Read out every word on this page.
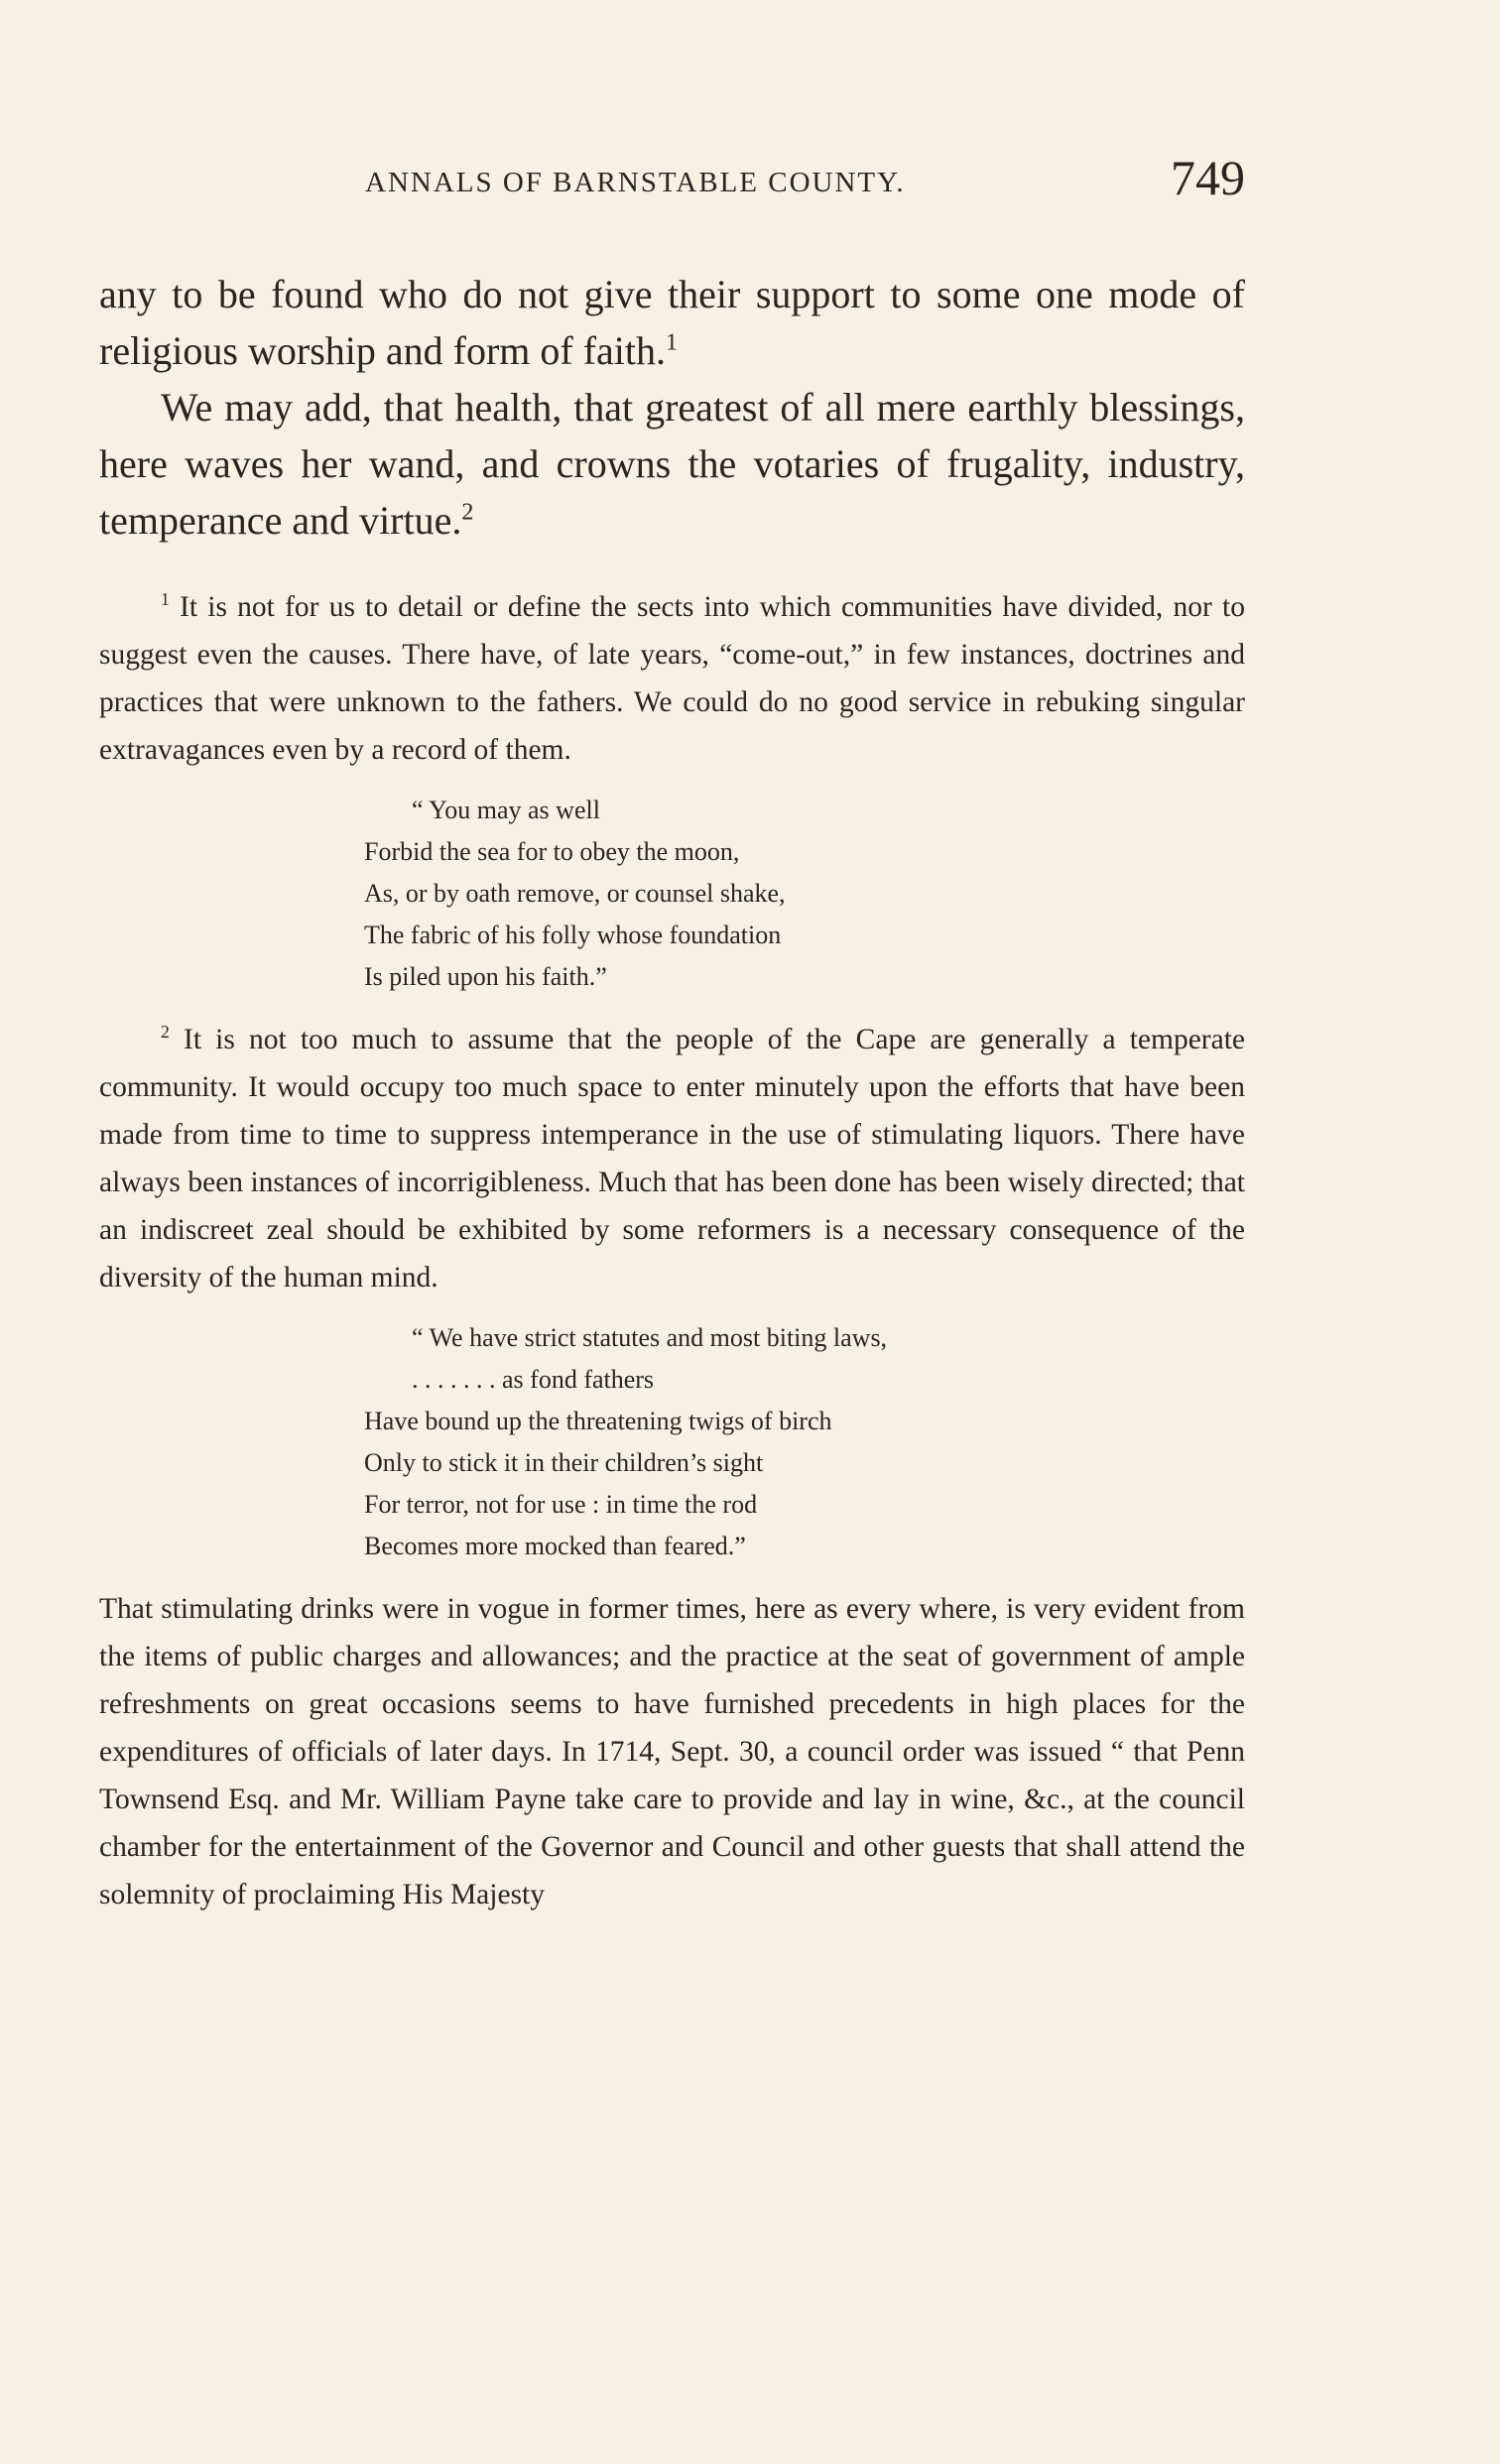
ANNALS OF BARNSTABLE COUNTY.	749

any to be found who do not give their support to some one mode of religious worship and form of faith.$^1$

We may add, that health, that greatest of all mere earthly blessings, here waves her wand, and crowns the votaries of frugality, industry, temperance and virtue.$^2$

$^1$ It is not for us to detail or define the sects into which communities have divided, nor to suggest even the causes. There have, of late years, “come-out,” in few instances, doctrines and practices that were unknown to the fathers. We could do no good service in rebuking singular extravagances even by a record of them.

“ You may as well
Forbid the sea for to obey the moon,
As, or by oath remove, or counsel shake,
The fabric of his folly whose foundation
Is piled upon his faith.”

$^2$ It is not too much to assume that the people of the Cape are generally a temperate community. It would occupy too much space to enter minutely upon the efforts that have been made from time to time to suppress intemperance in the use of stimulating liquors. There have always been instances of incorrigibleness. Much that has been done has been wisely directed; that an indiscreet zeal should be exhibited by some reformers is a necessary consequence of the diversity of the human mind.

“ We have strict statutes and most biting laws,
. . . . . . . as fond fathers
Have bound up the threatening twigs of birch
Only to stick it in their children’s sight
For terror, not for use : in time the rod
Becomes more mocked than feared.”

That stimulating drinks were in vogue in former times, here as every where, is very evident from the items of public charges and allowances; and the practice at the seat of government of ample refreshments on great occasions seems to have furnished precedents in high places for the expenditures of officials of later days. In 1714, Sept. 30, a council order was issued “ that Penn Townsend Esq. and Mr. William Payne take care to provide and lay in wine, &c., at the council chamber for the entertainment of the Governor and Council and other guests that shall attend the solemnity of proclaiming His Majesty
